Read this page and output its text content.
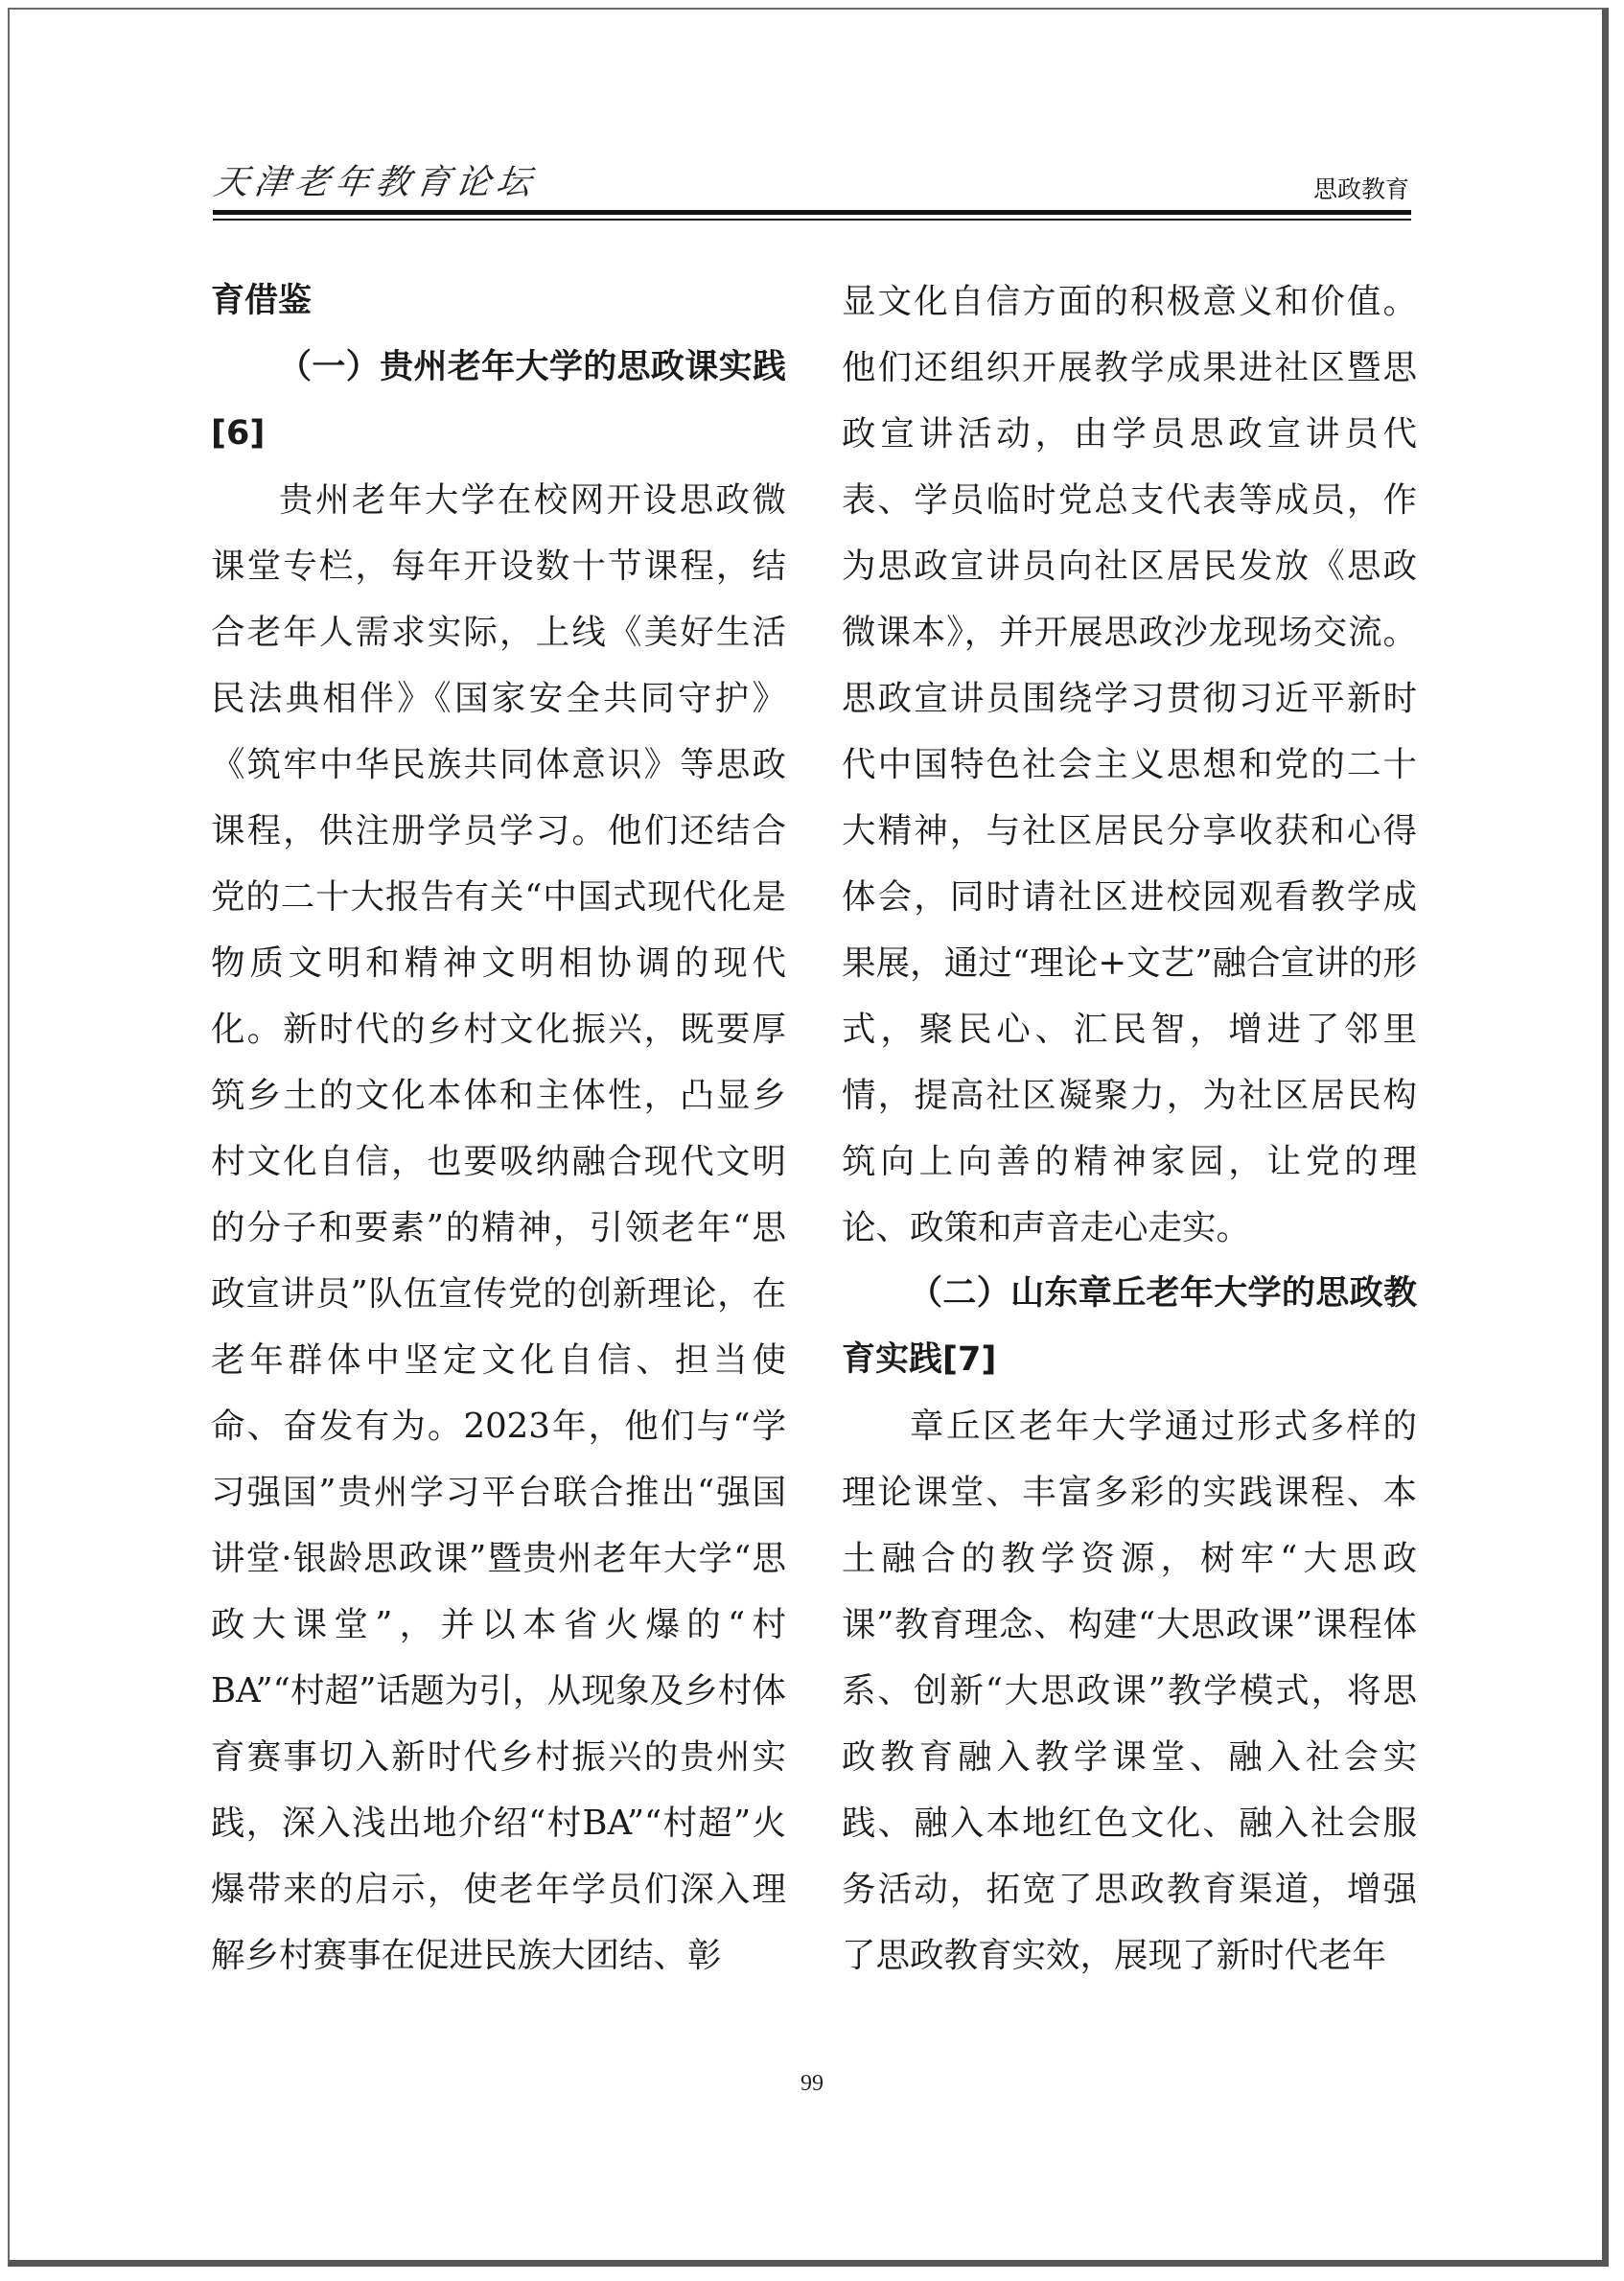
天津老年教育论坛	思政教育

育借鉴

（一）贵州老年大学的思政课实践[6]

贵州老年大学在校网开设思政微课堂专栏，每年开设数十节课程，结合老年人需求实际，上线《美好生活民法典相伴》《国家安全共同守护》《筑牢中华民族共同体意识》等思政课程，供注册学员学习。他们还结合党的二十大报告有关“中国式现代化是物质文明和精神文明相协调的现代化。新时代的乡村文化振兴，既要厚筑乡土的文化本体和主体性，凸显乡村文化自信，也要吸纳融合现代文明的分子和要素”的精神，引领老年“思政宣讲员”队伍宣传党的创新理论，在老年群体中坚定文化自信、担当使命、奋发有为。2023年，他们与“学习强国”贵州学习平台联合推出“强国讲堂·银龄思政课”暨贵州老年大学“思政大课堂”，并以本省火爆的“村BA”“村超”话题为引，从现象及乡村体育赛事切入新时代乡村振兴的贵州实践，深入浅出地介绍“村BA”“村超”火爆带来的启示，使老年学员们深入理解乡村赛事在促进民族大团结、彰

显文化自信方面的积极意义和价值。他们还组织开展教学成果进社区暨思政宣讲活动，由学员思政宣讲员代表、学员临时党总支代表等成员，作为思政宣讲员向社区居民发放《思政微课本》，并开展思政沙龙现场交流。思政宣讲员围绕学习贯彻习近平新时代中国特色社会主义思想和党的二十大精神，与社区居民分享收获和心得体会，同时请社区进校园观看教学成果展，通过“理论+文艺”融合宣讲的形式，聚民心、汇民智，增进了邻里情，提高社区凝聚力，为社区居民构筑向上向善的精神家园，让党的理论、政策和声音走心走实。

（二）山东章丘老年大学的思政教育实践[7]

章丘区老年大学通过形式多样的理论课堂、丰富多彩的实践课程、本土融合的教学资源，树牢“大思政课”教育理念、构建“大思政课”课程体系、创新“大思政课”教学模式，将思政教育融入教学课堂、融入社会实践、融入本地红色文化、融入社会服务活动，拓宽了思政教育渠道，增强了思政教育实效，展现了新时代老年

99
